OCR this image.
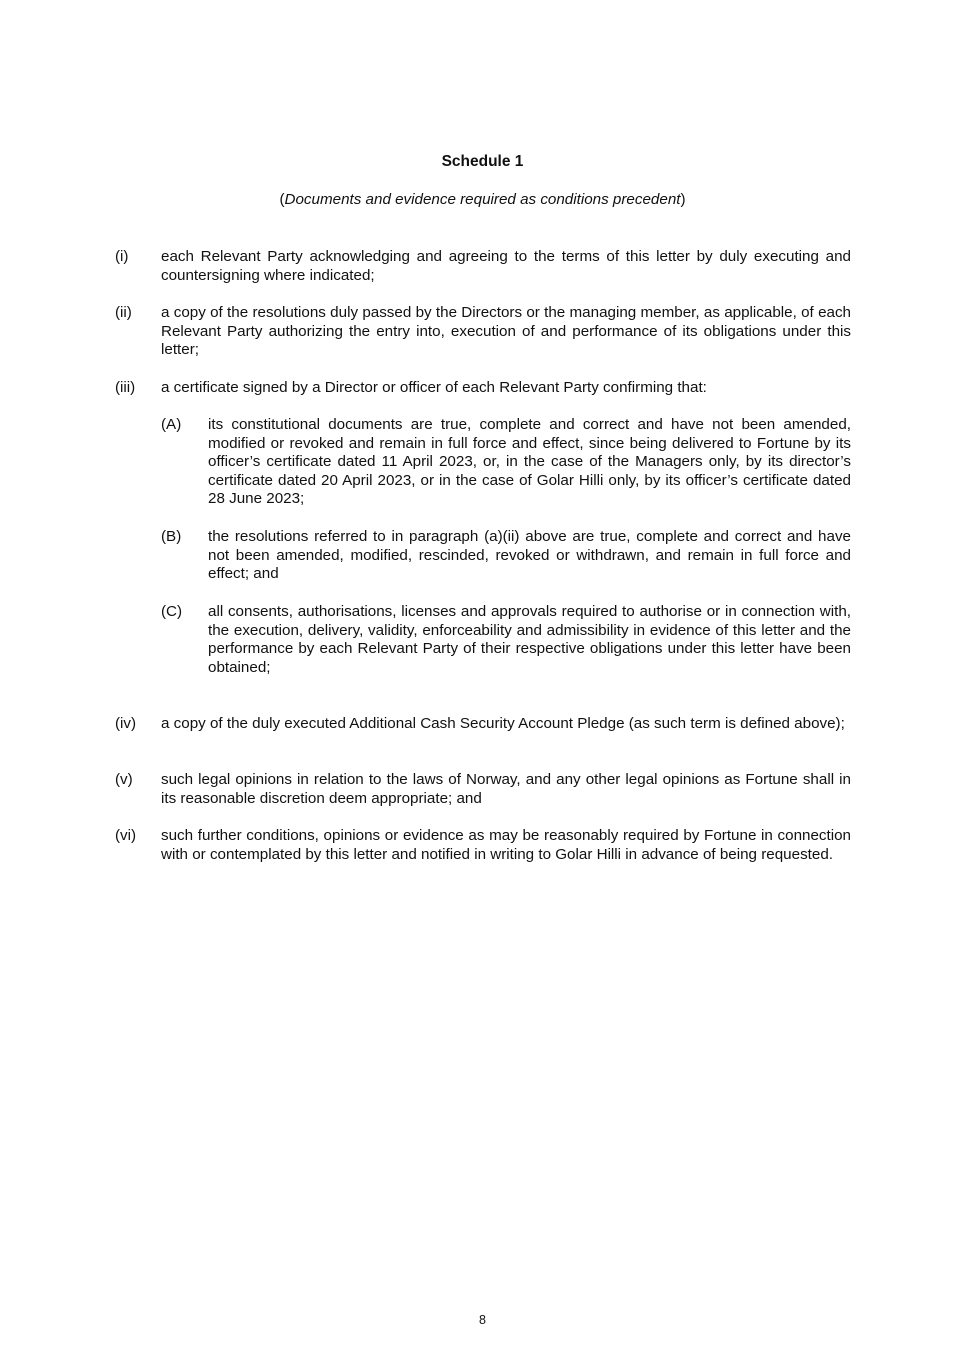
Schedule 1
(Documents and evidence required as conditions precedent)
(i) each Relevant Party acknowledging and agreeing to the terms of this letter by duly executing and countersigning where indicated;
(ii) a copy of the resolutions duly passed by the Directors or the managing member, as applicable, of each Relevant Party authorizing the entry into, execution of and performance of its obligations under this letter;
(iii) a certificate signed by a Director or officer of each Relevant Party confirming that:
(A) its constitutional documents are true, complete and correct and have not been amended, modified or revoked and remain in full force and effect, since being delivered to Fortune by its officer’s certificate dated 11 April 2023, or, in the case of the Managers only, by its director’s certificate dated 20 April 2023, or in the case of Golar Hilli only, by its officer’s certificate dated 28 June 2023;
(B) the resolutions referred to in paragraph (a)(ii) above are true, complete and correct and have not been amended, modified, rescinded, revoked or withdrawn, and remain in full force and effect; and
(C) all consents, authorisations, licenses and approvals required to authorise or in connection with, the execution, delivery, validity, enforceability and admissibility in evidence of this letter and the performance by each Relevant Party of their respective obligations under this letter have been obtained;
(iv) a copy of the duly executed Additional Cash Security Account Pledge (as such term is defined above);
(v) such legal opinions in relation to the laws of Norway, and any other legal opinions as Fortune shall in its reasonable discretion deem appropriate; and
(vi) such further conditions, opinions or evidence as may be reasonably required by Fortune in connection with or contemplated by this letter and notified in writing to Golar Hilli in advance of being requested.
8
